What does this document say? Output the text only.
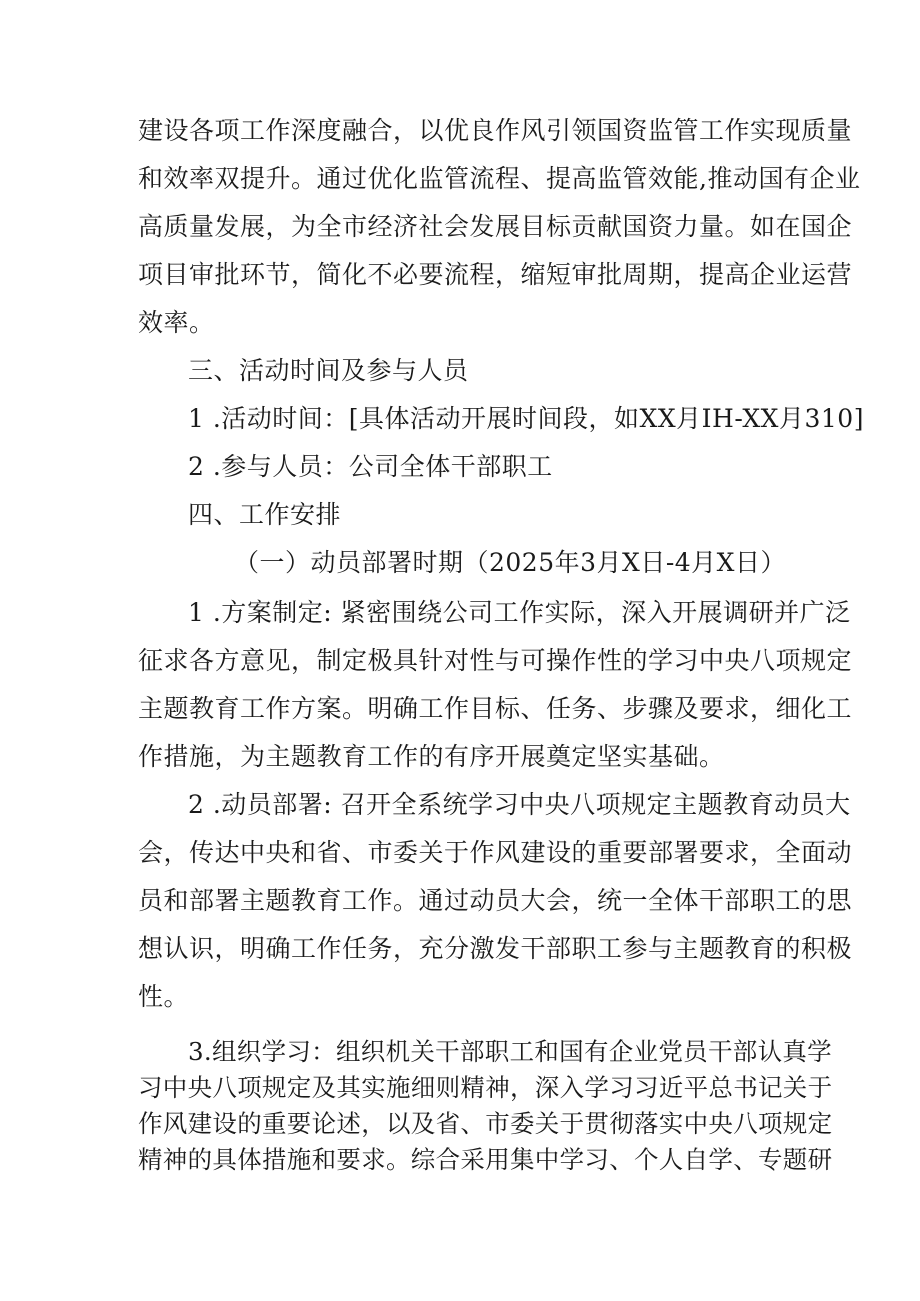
建设各项工作深度融合，以优良作风引领国资监管工作实现质量
和效率双提升。通过优化监管流程、提高监管效能,推动国有企业
高质量发展，为全市经济社会发展目标贡献国资力量。如在国企
项目审批环节，简化不必要流程，缩短审批周期，提高企业运营
效率。
三、活动时间及参与人员
1 .活动时间：[具体活动开展时间段，如XX月IH-XX月310]
2 .参与人员：公司全体干部职工
四、工作安排
（一）动员部署时期（2025年3月X日-4月X日）
1 .方案制定: 紧密围绕公司工作实际，深入开展调研并广泛
征求各方意见，制定极具针对性与可操作性的学习中央八项规定
主题教育工作方案。明确工作目标、任务、步骤及要求，细化工
作措施，为主题教育工作的有序开展奠定坚实基础。
2 .动员部署: 召开全系统学习中央八项规定主题教育动员大
会，传达中央和省、市委关于作风建设的重要部署要求，全面动
员和部署主题教育工作。通过动员大会，统一全体干部职工的思
想认识，明确工作任务，充分激发干部职工参与主题教育的积极
性。
3.组织学习：组织机关干部职工和国有企业党员干部认真学
习中央八项规定及其实施细则精神，深入学习习近平总书记关于
作风建设的重要论述，以及省、市委关于贯彻落实中央八项规定
精神的具体措施和要求。综合采用集中学习、个人自学、专题研
